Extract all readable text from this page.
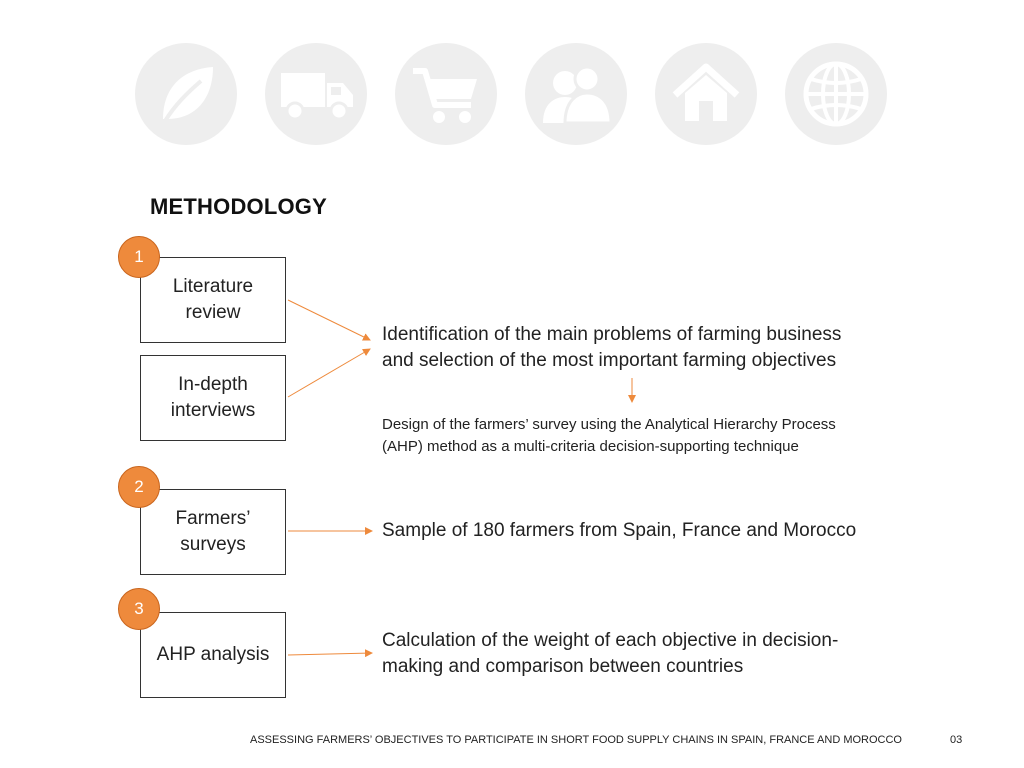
METHODOLOGY
Literature
review
In-depth
interviews
1
Farmers’
surveys
2
AHP analysis
3
Identification of the main problems of farming business
and selection of the most important farming objectives
Design of the farmers’ survey using the Analytical Hierarchy Process
(AHP) method as a multi-criteria decision-supporting technique
Sample of 180 farmers from Spain, France and Morocco
Calculation of the weight of each objective in decision-
making and comparison between countries
ASSESSING FARMERS’ OBJECTIVES TO PARTICIPATE IN SHORT FOOD SUPPLY CHAINS IN SPAIN, FRANCE AND MOROCCO	03
